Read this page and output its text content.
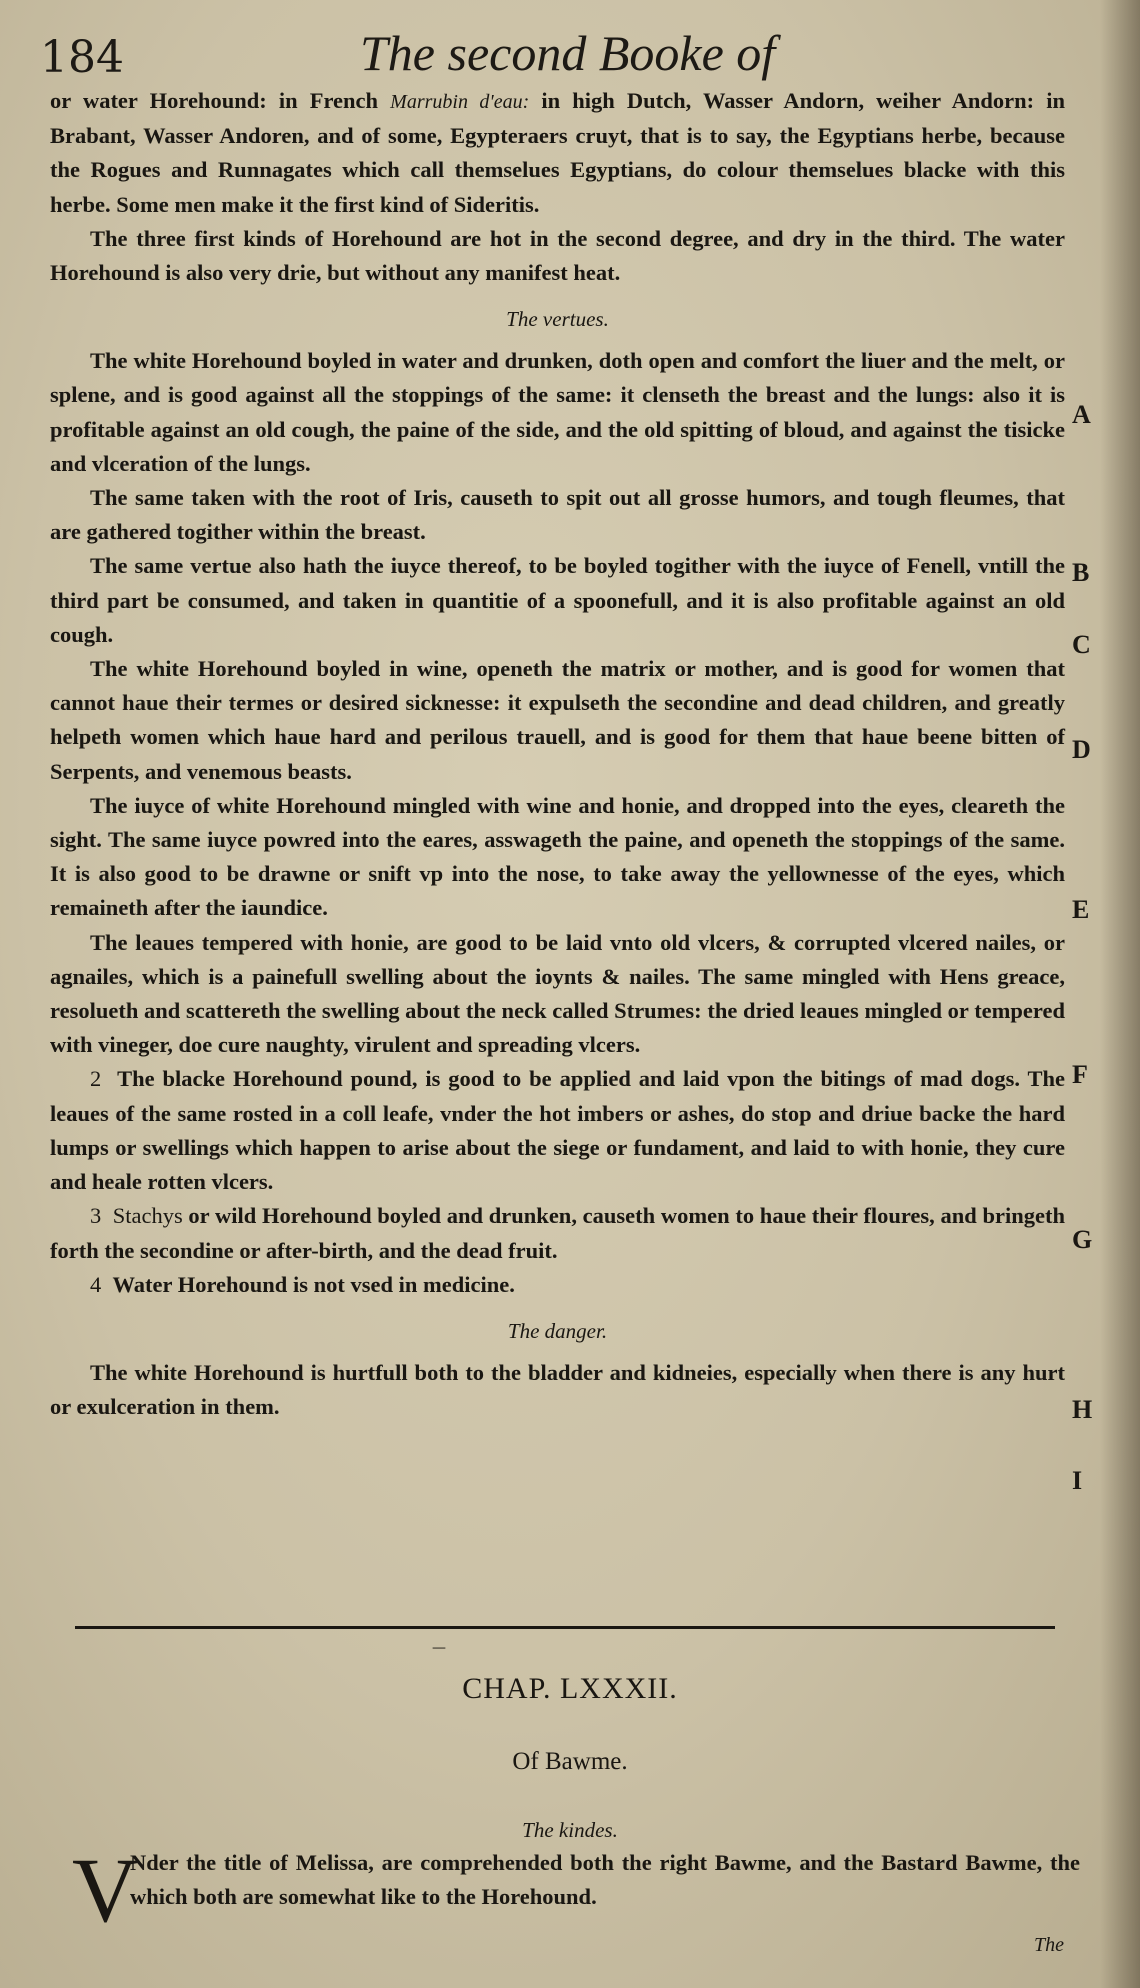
184	The second Booke of

or water Horehound: in French Marrubin d'eau: in high Dutch, Wasser Andorn, weiher Andorn: in Brabant, Wasser Andoren, and of some, Egypteraers cruyt, that is to say, the Egyptians herbe, because the Rogues and Runnagates which call themselues Egyptians, do colour themselues blacke with this herbe. Some men make it the first kind of Sideritis.

The three first kinds of Horehound are hot in the second degree, and dry in the third. The water Horehound is also very drie, but without any manifest heat.

The vertues.

The white Horehound boyled in water and drunken, doth open and comfort the liuer and the melt, or splene, and is good against all the stoppings of the same: it clenseth the breast and the lungs: also it is profitable against an old cough, the paine of the side, and the old spitting of bloud, and against the tisicke and vlceration of the lungs.

The same taken with the root of Iris, causeth to spit out all grosse humors, and tough fleumes, that are gathered togither within the breast.

The same vertue also hath the iuyce thereof, to be boyled togither with the iuyce of Fenell, vntill the third part be consumed, and taken in quantitie of a spoonefull, and it is also profitable against an old cough.

The white Horehound boyled in wine, openeth the matrix or mother, and is good for women that cannot haue their termes or desired sicknesse: it expulseth the secondine and dead children, and greatly helpeth women which haue hard and perilous trauell, and is good for them that haue beene bitten of Serpents, and venemous beasts.

The iuyce of white Horehound mingled with wine and honie, and dropped into the eyes, cleareth the sight. The same iuyce powred into the eares, asswageth the paine, and openeth the stoppings of the same. It is also good to be drawne or snift vp into the nose, to take away the yellownesse of the eyes, which remaineth after the iaundice.

The leaues tempered with honie, are good to be laid vnto old vlcers, & corrupted vlcered nailes, or agnailes, which is a painefull swelling about the ioynts & nailes. The same mingled with Hens greace, resolueth and scattereth the swelling about the neck called Strumes: the dried leaues mingled or tempered with vineger, doe cure naughty, virulent and spreading vlcers.

2 The blacke Horehound pound, is good to be applied and laid vpon the bitings of mad dogs. The leaues of the same rosted in a coll leafe, vnder the hot imbers or ashes, do stop and driue backe the hard lumps or swellings which happen to arise about the siege or fundament, and laid to with honie, they cure and heale rotten vlcers.

3 Stachys or wild Horehound boyled and drunken, causeth women to haue their floures, and bringeth forth the secondine or after-birth, and the dead fruit.

4 Water Horehound is not vsed in medicine.

The danger.

The white Horehound is hurtfull both to the bladder and kidneies, especially when there is any hurt or exulceration in them.

A
B
C
D
E
F
G
H
I
—
CHAP. LXXXII.
Of Bawme.
The kindes.
V
Nder the title of Melissa, are comprehended both the right Bawme, and the Bastard Bawme, the which both are somewhat like to the Horehound.
The
